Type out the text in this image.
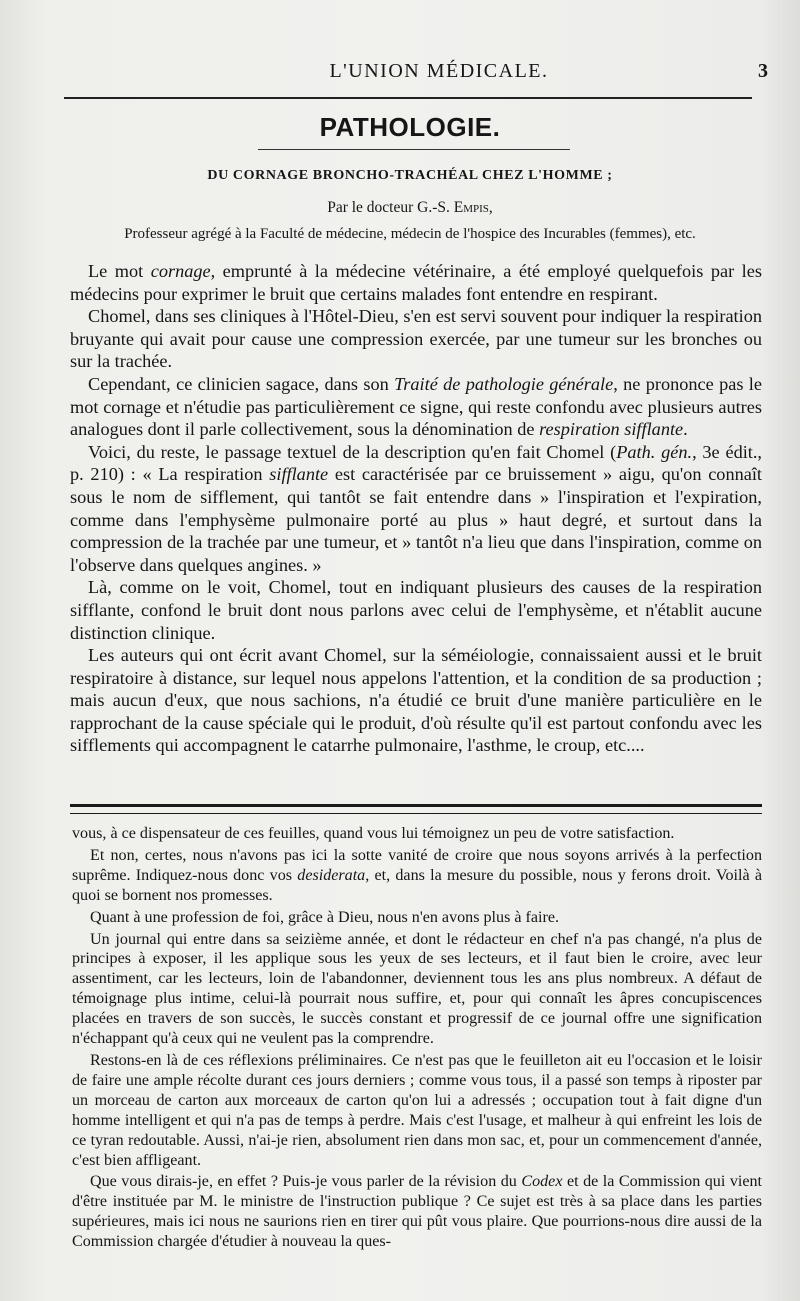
L'UNION MÉDICALE.	3
PATHOLOGIE.
DU CORNAGE BRONCHO-TRACHÉAL CHEZ L'HOMME ;
Par le docteur G.-S. Empis,
Professeur agrégé à la Faculté de médecine, médecin de l'hospice des Incurables (femmes), etc.

Le mot cornage, emprunté à la médecine vétérinaire, a été employé quelquefois par les médecins pour exprimer le bruit que certains malades font entendre en respirant.

Chomel, dans ses cliniques à l'Hôtel-Dieu, s'en est servi souvent pour indiquer la respiration bruyante qui avait pour cause une compression exercée, par une tumeur sur les bronches ou sur la trachée.

Cependant, ce clinicien sagace, dans son Traité de pathologie générale, ne prononce pas le mot cornage et n'étudie pas particulièrement ce signe, qui reste confondu avec plusieurs autres analogues dont il parle collectivement, sous la dénomination de respiration sifflante.

Voici, du reste, le passage textuel de la description qu'en fait Chomel (Path. gén., 3e édit., p. 210) : « La respiration sifflante est caractérisée par ce bruissement » aigu, qu'on connaît sous le nom de sifflement, qui tantôt se fait entendre dans » l'inspiration et l'expiration, comme dans l'emphysème pulmonaire porté au plus » haut degré, et surtout dans la compression de la trachée par une tumeur, et » tantôt n'a lieu que dans l'inspiration, comme on l'observe dans quelques angines. »

Là, comme on le voit, Chomel, tout en indiquant plusieurs des causes de la respiration sifflante, confond le bruit dont nous parlons avec celui de l'emphysème, et n'établit aucune distinction clinique.

Les auteurs qui ont écrit avant Chomel, sur la séméiologie, connaissaient aussi et le bruit respiratoire à distance, sur lequel nous appelons l'attention, et la condition de sa production ; mais aucun d'eux, que nous sachions, n'a étudié ce bruit d'une manière particulière en le rapprochant de la cause spéciale qui le produit, d'où résulte qu'il est partout confondu avec les sifflements qui accompagnent le catarrhe pulmonaire, l'asthme, le croup, etc....

vous, à ce dispensateur de ces feuilles, quand vous lui témoignez un peu de votre satisfaction.

Et non, certes, nous n'avons pas ici la sotte vanité de croire que nous soyons arrivés à la perfection suprême. Indiquez-nous donc vos desiderata, et, dans la mesure du possible, nous y ferons droit. Voilà à quoi se bornent nos promesses.

Quant à une profession de foi, grâce à Dieu, nous n'en avons plus à faire.

Un journal qui entre dans sa seizième année, et dont le rédacteur en chef n'a pas changé, n'a plus de principes à exposer, il les applique sous les yeux de ses lecteurs, et il faut bien le croire, avec leur assentiment, car les lecteurs, loin de l'abandonner, deviennent tous les ans plus nombreux. A défaut de témoignage plus intime, celui-là pourrait nous suffire, et, pour qui connaît les âpres concupiscences placées en travers de son succès, le succès constant et progressif de ce journal offre une signification n'échappant qu'à ceux qui ne veulent pas la comprendre.

Restons-en là de ces réflexions préliminaires. Ce n'est pas que le feuilleton ait eu l'occasion et le loisir de faire une ample récolte durant ces jours derniers ; comme vous tous, il a passé son temps à riposter par un morceau de carton aux morceaux de carton qu'on lui a adressés ; occupation tout à fait digne d'un homme intelligent et qui n'a pas de temps à perdre. Mais c'est l'usage, et malheur à qui enfreint les lois de ce tyran redoutable. Aussi, n'ai-je rien, absolument rien dans mon sac, et, pour un commencement d'année, c'est bien affligeant.

Que vous dirais-je, en effet ? Puis-je vous parler de la révision du Codex et de la Commission qui vient d'être instituée par M. le ministre de l'instruction publique ? Ce sujet est très à sa place dans les parties supérieures, mais ici nous ne saurions rien en tirer qui pût vous plaire. Que pourrions-nous dire aussi de la Commission chargée d'étudier à nouveau la ques-
